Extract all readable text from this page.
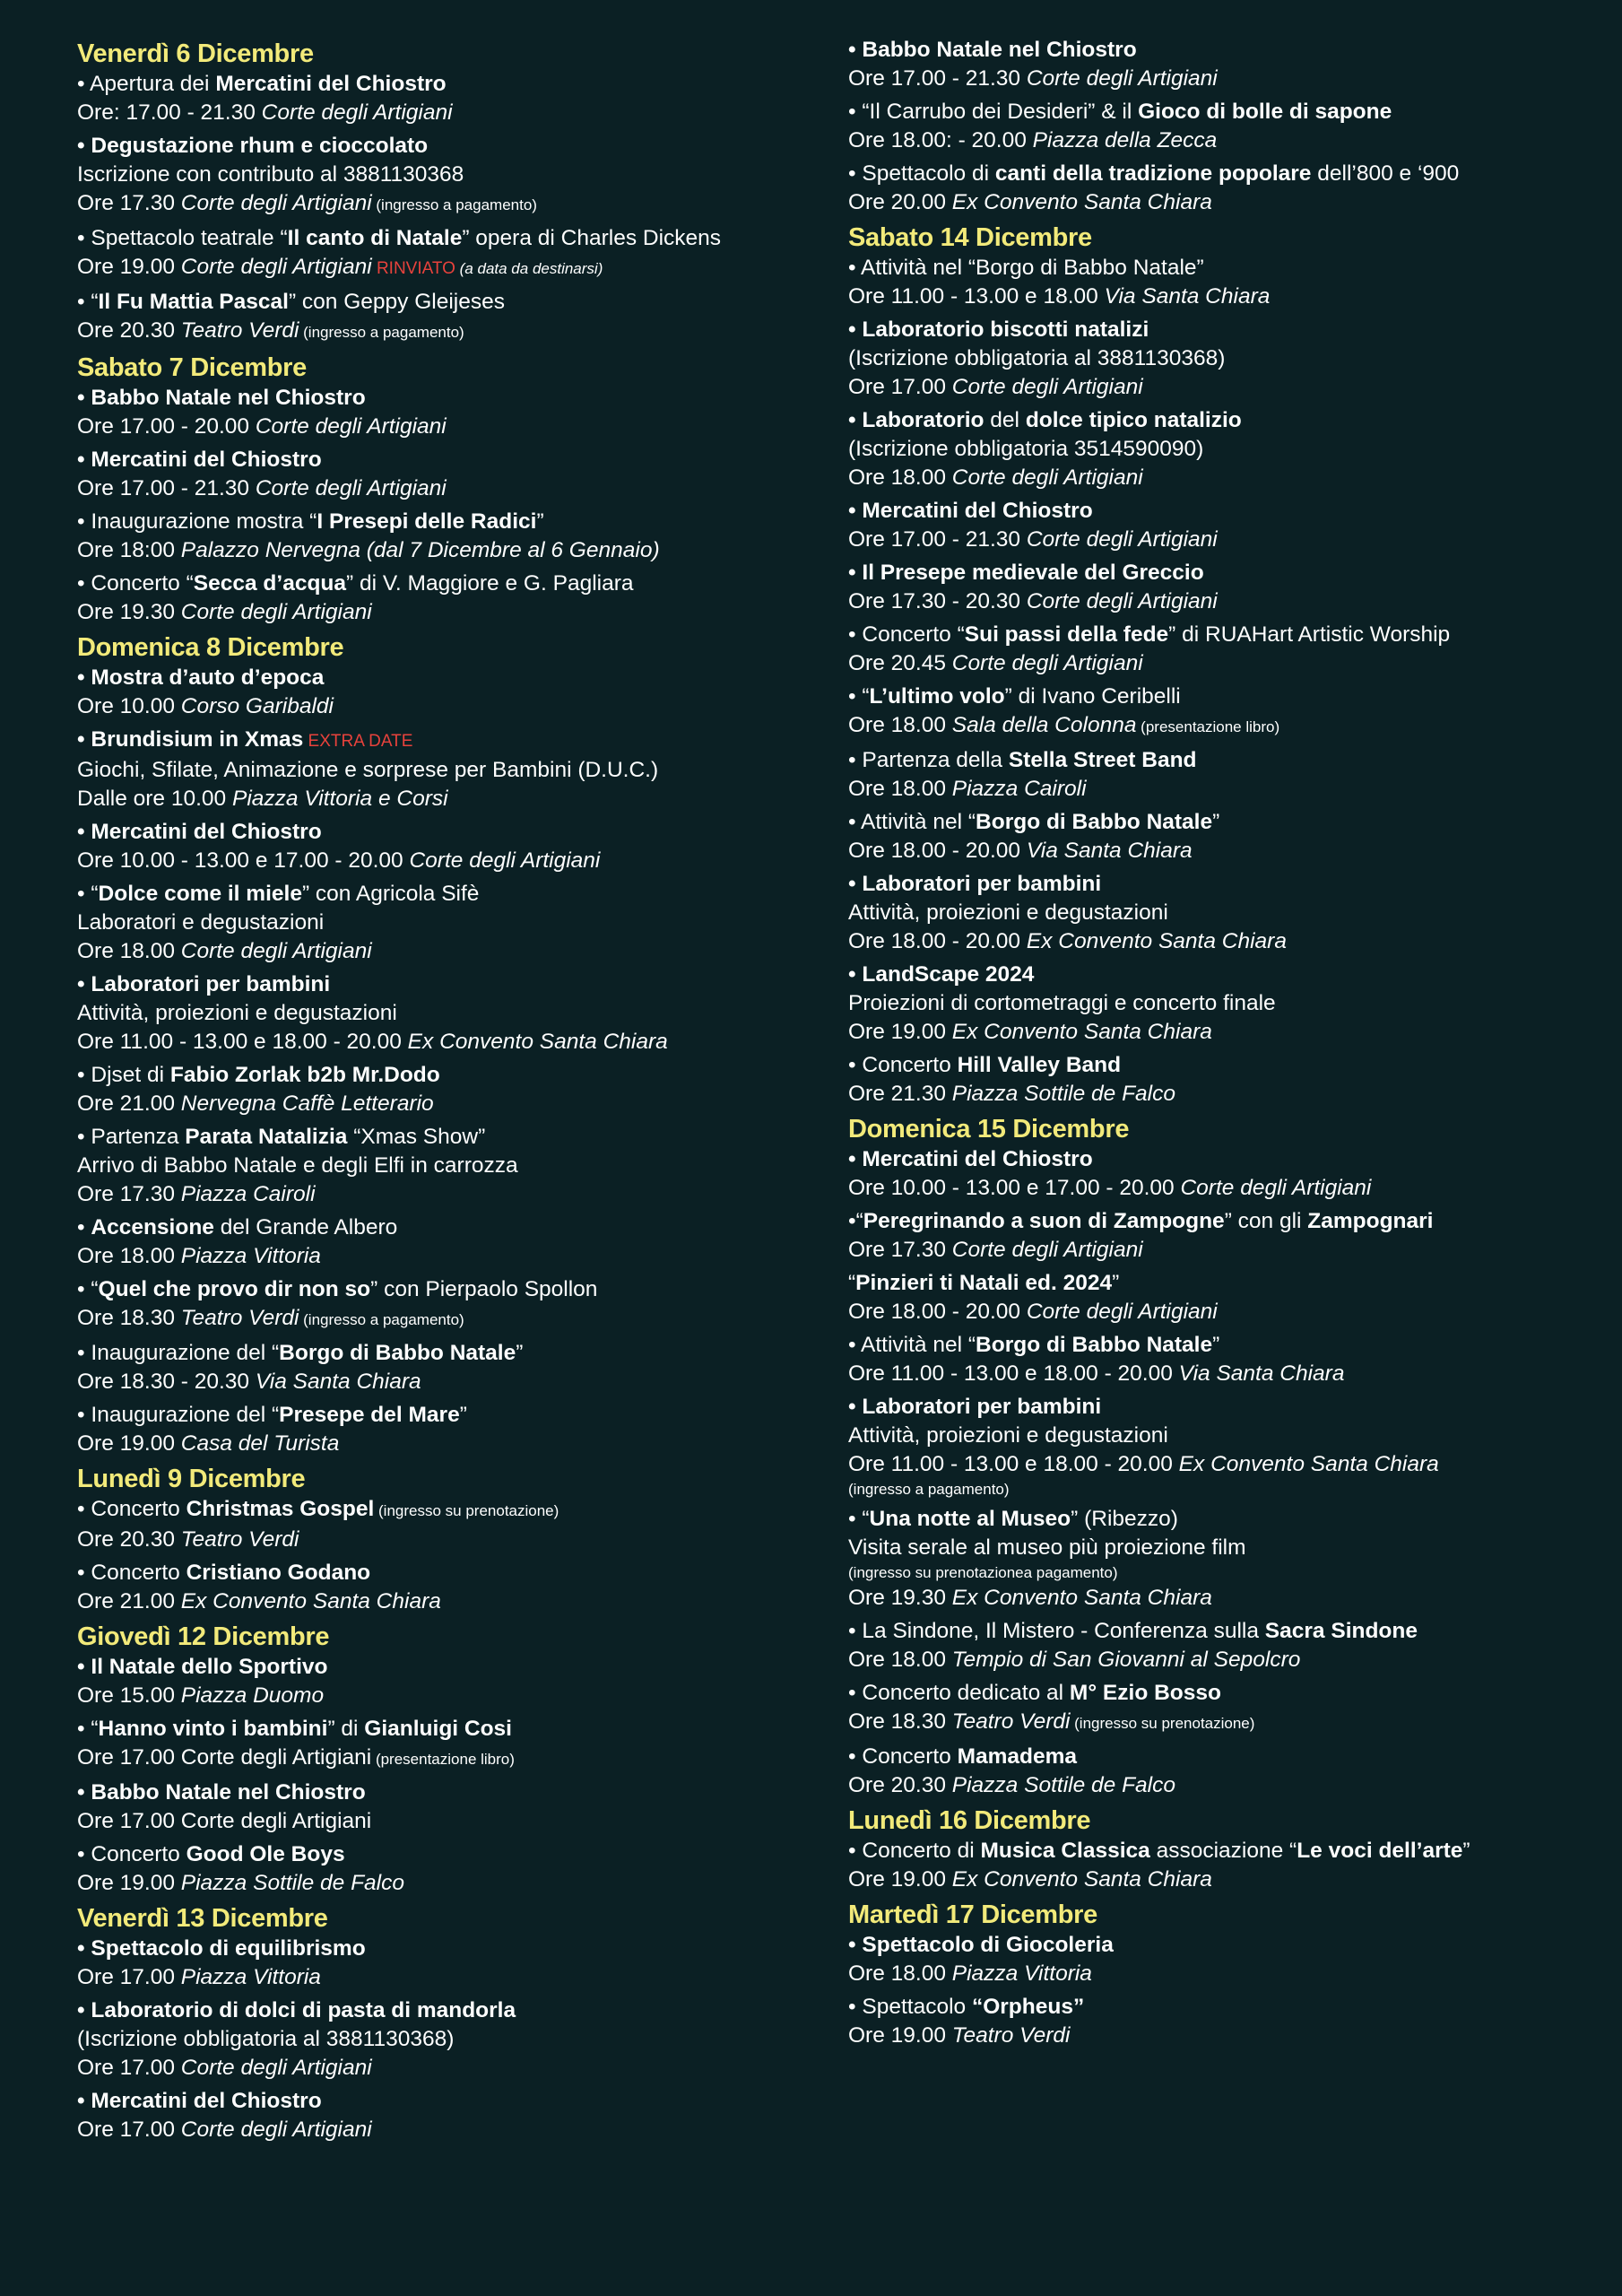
Venerdì 6 Dicembre
• Apertura dei Mercatini del Chiostro
Ore: 17.00 - 21.30 Corte degli Artigiani
• Degustazione rhum e cioccolato
Iscrizione con contributo al 3881130368
Ore 17.30 Corte degli Artigiani (ingresso a pagamento)
• Spettacolo teatrale “Il canto di Natale” opera di Charles Dickens
Ore 19.00 Corte degli Artigiani RINVIATO (a data da destinarsi)
• “Il Fu Mattia Pascal” con Geppy Gleijeses
Ore 20.30 Teatro Verdi (ingresso a pagamento)
Sabato 7 Dicembre
• Babbo Natale nel Chiostro
Ore 17.00 - 20.00 Corte degli Artigiani
• Mercatini del Chiostro
Ore 17.00 - 21.30 Corte degli Artigiani
• Inaugurazione mostra “I Presepi delle Radici”
Ore 18:00 Palazzo Nervegna (dal 7 Dicembre al 6 Gennaio)
• Concerto “Secca d’acqua” di V. Maggiore e G. Pagliara
Ore 19.30 Corte degli Artigiani
Domenica 8 Dicembre
• Mostra d’auto d’epoca
Ore 10.00 Corso Garibaldi
• Brundisium in Xmas EXTRA DATE
Giochi, Sfilate, Animazione e sorprese per Bambini (D.U.C.)
Dalle ore 10.00 Piazza Vittoria e Corsi
• Mercatini del Chiostro
Ore 10.00 - 13.00 e 17.00 - 20.00 Corte degli Artigiani
• “Dolce come il miele” con Agricola Sifè
Laboratori e degustazioni
Ore 18.00 Corte degli Artigiani
• Laboratori per bambini
Attività, proiezioni e degustazioni
Ore 11.00 - 13.00 e 18.00 - 20.00 Ex Convento Santa Chiara
• Djset di Fabio Zorlak b2b Mr.Dodo
Ore 21.00 Nervegna Caffè Letterario
• Partenza Parata Natalizia “Xmas Show”
Arrivo di Babbo Natale e degli Elfi in carrozza
Ore 17.30 Piazza Cairoli
• Accensione del Grande Albero
Ore 18.00 Piazza Vittoria
• “Quel che provo dir non so” con Pierpaolo Spollon
Ore 18.30 Teatro Verdi (ingresso a pagamento)
• Inaugurazione del “Borgo di Babbo Natale”
Ore 18.30 - 20.30 Via Santa Chiara
• Inaugurazione del “Presepe del Mare”
Ore 19.00 Casa del Turista
Lunedì 9 Dicembre
• Concerto Christmas Gospel (ingresso su prenotazione)
Ore 20.30 Teatro Verdi
• Concerto Cristiano Godano
Ore 21.00 Ex Convento Santa Chiara
Giovedì 12 Dicembre
• Il Natale dello Sportivo
Ore 15.00 Piazza Duomo
• “Hanno vinto i bambini” di Gianluigi Cosi
Ore 17.00 Corte degli Artigiani (presentazione libro)
• Babbo Natale nel Chiostro
Ore 17.00 Corte degli Artigiani
• Concerto Good Ole Boys
Ore 19.00 Piazza Sottile de Falco
Venerdì 13 Dicembre
• Spettacolo di equilibrismo
Ore 17.00 Piazza Vittoria
• Laboratorio di dolci di pasta di mandorla
(Iscrizione obbligatoria al 3881130368)
Ore 17.00 Corte degli Artigiani
• Mercatini del Chiostro
Ore 17.00 Corte degli Artigiani
• Babbo Natale nel Chiostro
Ore 17.00 - 21.30 Corte degli Artigiani
• “Il Carrubo dei Desideri” & il Gioco di bolle di sapone
Ore 18.00: - 20.00 Piazza della Zecca
• Spettacolo di canti della tradizione popolare dell’800 e ‘900
Ore 20.00 Ex Convento Santa Chiara
Sabato 14 Dicembre
• Attività nel “Borgo di Babbo Natale”
Ore 11.00 - 13.00 e 18.00 Via Santa Chiara
• Laboratorio biscotti natalizi
(Iscrizione obbligatoria al 3881130368)
Ore 17.00 Corte degli Artigiani
• Laboratorio del dolce tipico natalizio
(Iscrizione obbligatoria 3514590090)
Ore 18.00 Corte degli Artigiani
• Mercatini del Chiostro
Ore 17.00 - 21.30 Corte degli Artigiani
• Il Presepe medievale del Greccio
Ore 17.30 - 20.30 Corte degli Artigiani
• Concerto “Sui passi della fede” di RUAHart Artistic Worship
Ore 20.45 Corte degli Artigiani
• “L’ultimo volo” di Ivano Ceribelli
Ore 18.00 Sala della Colonna (presentazione libro)
• Partenza della Stella Street Band
Ore 18.00 Piazza Cairoli
• Attività nel “Borgo di Babbo Natale”
Ore 18.00 - 20.00 Via Santa Chiara
• Laboratori per bambini
Attività, proiezioni e degustazioni
Ore 18.00 - 20.00 Ex Convento Santa Chiara
• LandScape 2024
Proiezioni di cortometraggi e concerto finale
Ore 19.00 Ex Convento Santa Chiara
• Concerto Hill Valley Band
Ore 21.30 Piazza Sottile de Falco
Domenica 15 Dicembre
• Mercatini del Chiostro
Ore 10.00 - 13.00 e 17.00 - 20.00 Corte degli Artigiani
•“Peregrinando a suon di Zampogne” con gli Zampognari
Ore 17.30 Corte degli Artigiani
“Pinzieri ti Natali ed. 2024”
Ore 18.00 - 20.00 Corte degli Artigiani
• Attività nel “Borgo di Babbo Natale”
Ore 11.00 - 13.00 e 18.00 - 20.00 Via Santa Chiara
• Laboratori per bambini
Attività, proiezioni e degustazioni
Ore 11.00 - 13.00 e 18.00 - 20.00 Ex Convento Santa Chiara
(ingresso a pagamento)
• “Una notte al Museo” (Ribezzo)
Visita serale al museo più proiezione film
(ingresso su prenotazionea pagamento)
Ore 19.30 Ex Convento Santa Chiara
• La Sindone, Il Mistero - Conferenza sulla Sacra Sindone
Ore 18.00 Tempio di San Giovanni al Sepolcro
• Concerto dedicato al M° Ezio Bosso
Ore 18.30 Teatro Verdi (ingresso su prenotazione)
• Concerto Mamadema
Ore 20.30 Piazza Sottile de Falco
Lunedì 16 Dicembre
• Concerto di Musica Classica associazione “Le voci dell’arte”
Ore 19.00 Ex Convento Santa Chiara
Martedì 17 Dicembre
• Spettacolo di Giocoleria
Ore 18.00 Piazza Vittoria
• Spettacolo “Orpheus”
Ore 19.00 Teatro Verdi
